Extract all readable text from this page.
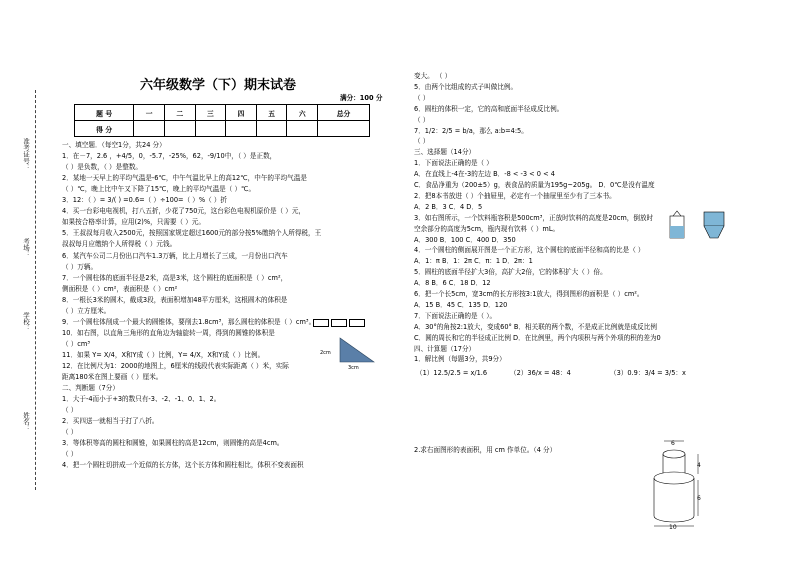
准考证号：
考场：
学校：
姓名：
六年级数学（下）期末试卷
满分：100 分
题 号	一	二	三	四	五	六	总分
得 分							
一、填空题．（每空1分，共24 分）
1．在－7，2.6 ，+4/5，0，-5.7，-25%，62，-9/10中，（ ）是正数，
（ ）是负数，（ ）是整数。
2．某地一天早上的平均气温是-6℃，中午气温比早上的高12℃，中午的平均气温是
（ ）℃，晚上比中午又下降了15℃，晚上的平均气温是（ ）℃。
3．12：（ ）= 3/( ) =0.6=（ ）÷100=（ ）%（ ）折
4．买一台彩电电视机，打八五折，少花了750元，这台彩色电视机原价是（ ）元，
如果按合格率计算，应用(2)%，只需要（ ）元。
5．王叔叔每月收入2500元，按照国家规定超过1600元的部分按5%缴纳个人所得税，王
叔叔每月应缴纳个人所得税（ ）元钱。
6．某汽车公司二月份出口汽车1.3万辆，比上月增长了三成，一月份出口汽车
（ ）万辆。
7．一个圆柱体的底面半径是2米，高是3米，这个圆柱的底面积是（ ）cm²，
侧面积是（ ）cm²，表面积是（ ）cm²
8．一根长3米的圆木，截成3段，表面积增加48平方厘米，这根圆木的体积是
（ ）立方厘米。
9．一个圆柱体削成一个最大的圆锥体，要削去1.8cm³，那么圆柱的体积是（ ）cm³。
10．如右图，以直角三角形的直角边为轴旋转一周，得到的圆锥的体积是
（ ）cm³
11．如果 Y= X/4，X和Y成（ ）比例，Y= 4/X，X和Y成（ ）比例。
12．在比例尺为1：2000的地图上，6厘米的线段代表实际距离（ ）米，实际
距离180米在图上要画（ ）厘米。
二、判断题（7分）
1．大于-4而小于+3的数只有-3、-2、-1、0、1、2。
（ ）
2．买四送一就相当于打了八折。
（ ）
3．等体积等高的圆柱和圆锥，如果圆柱的高是12cm，则圆锥的高是4cm。
（ ）
4．把一个圆柱切拼成一个近似的长方体，这个长方体和圆柱相比，体积不变表面积
变大。 （ ）
5．由两个比组成的式子叫做比例。
（ ）
6．圆柱的体积一定，它的高和底面半径成反比例。
（ ）
7．1/2：2/5 = b/a，那么 a:b=4:5。
（ ）
三、选择题（14分）
1．下面说法正确的是（ ）
A．在直线上-4在-3的左边 B．-8 < -3 < 0 < 4
C．食品净重为（200±5）g，表食品的质量为195g~205g。 D．0℃是没有温度
2．把8本书放进（ ）个抽屉里，必定有一个抽屉里至少有了三本书。
A．2 B．3 C．4 D．5
3．如右图所示，一个饮料瓶容积是500cm³，正放时饮料的高度是20cm，倒放时
空余部分的高度为5cm，瓶内现有饮料（ ）mL。
A．300 B．100 C．400 D．350
4．一个圆柱的侧面展开图是一个正方形，这个圆柱的底面半径和高的比是（ ）
A．1：π B．1：2π C．π：1 D．2π：1
5．圆柱的底面半径扩大3倍，高扩大2倍，它的体积扩大（ ）倍。
A．8 B．6 C．18 D．12
6．把一个长5cm，宽3cm的长方形按3:1放大，得到图形的面积是（ ）cm²。
A．15 B．45 C．135 D．120
7．下面说法正确的是（ ）。
A．30°的角按2:1放大，变成60° B．相关联的两个数，不是成正比例就是成反比例
C．圆的周长和它的半径成正比例 D．在比例里，两个内项积与两个外项的积的差为0
四、计算题（17分）
1．解比例（每题3分，共9分）
（1）12.5/2.5 = x/1.6	（2）36/x = 48：4	（3）0.9：3/4 = 3/5：x
2.求右面图形的表面积，用 cm 作单位。（4 分）
2cm
3cm
6
4
6
10
